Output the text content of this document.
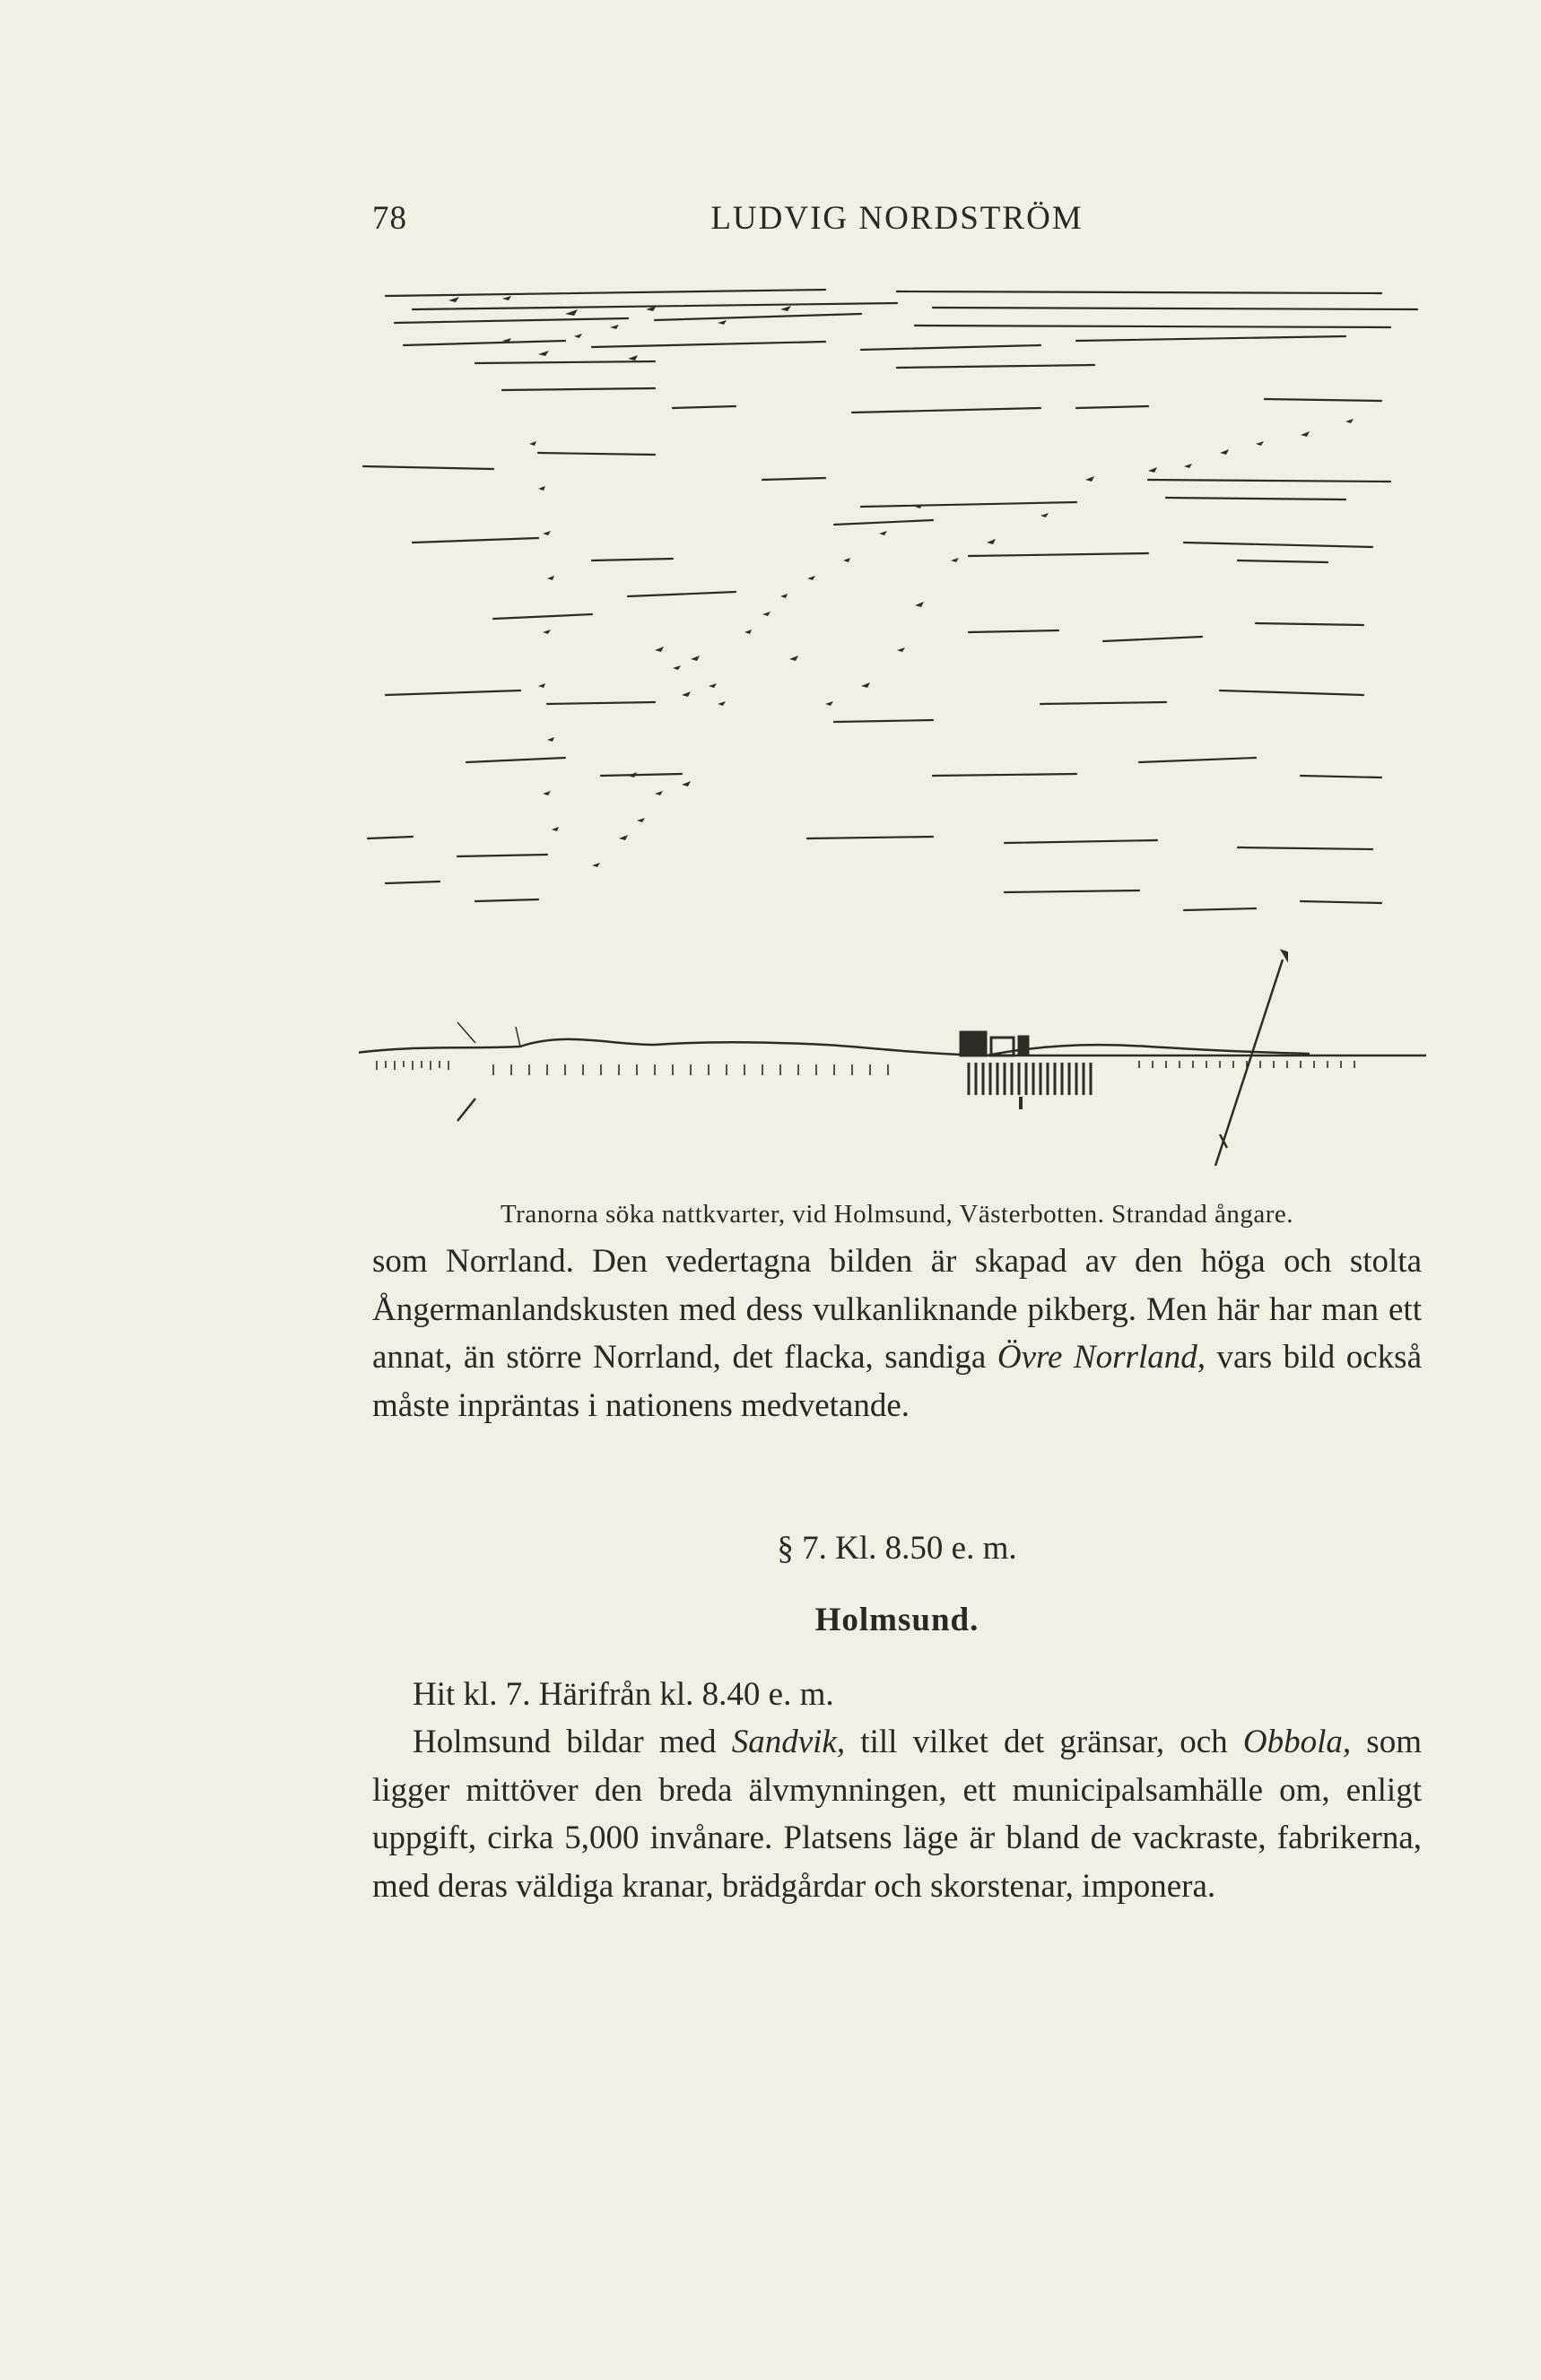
78	LUDVIG NORDSTRÖM
Tranorna söka nattkvarter, vid Holmsund, Västerbotten. Strandad ångare.
som Norrland. Den vedertagna bilden är skapad av den höga och stolta Ångermanlandskusten med dess vulkanliknande pikberg. Men här har man ett annat, än större Norrland, det flacka, sandiga Övre Norrland, vars bild också måste inpräntas i nationens medvetande.
§ 7. Kl. 8.50 e. m.
Holmsund.
Hit kl. 7. Härifrån kl. 8.40 e. m.
Holmsund bildar med Sandvik, till vilket det gränsar, och Obbola, som ligger mittöver den breda älvmynningen, ett municipalsamhälle om, enligt uppgift, cirka 5,000 invånare. Platsens läge är bland de vackraste, fabrikerna, med deras väldiga kranar, brädgårdar och skorstenar, imponera.
